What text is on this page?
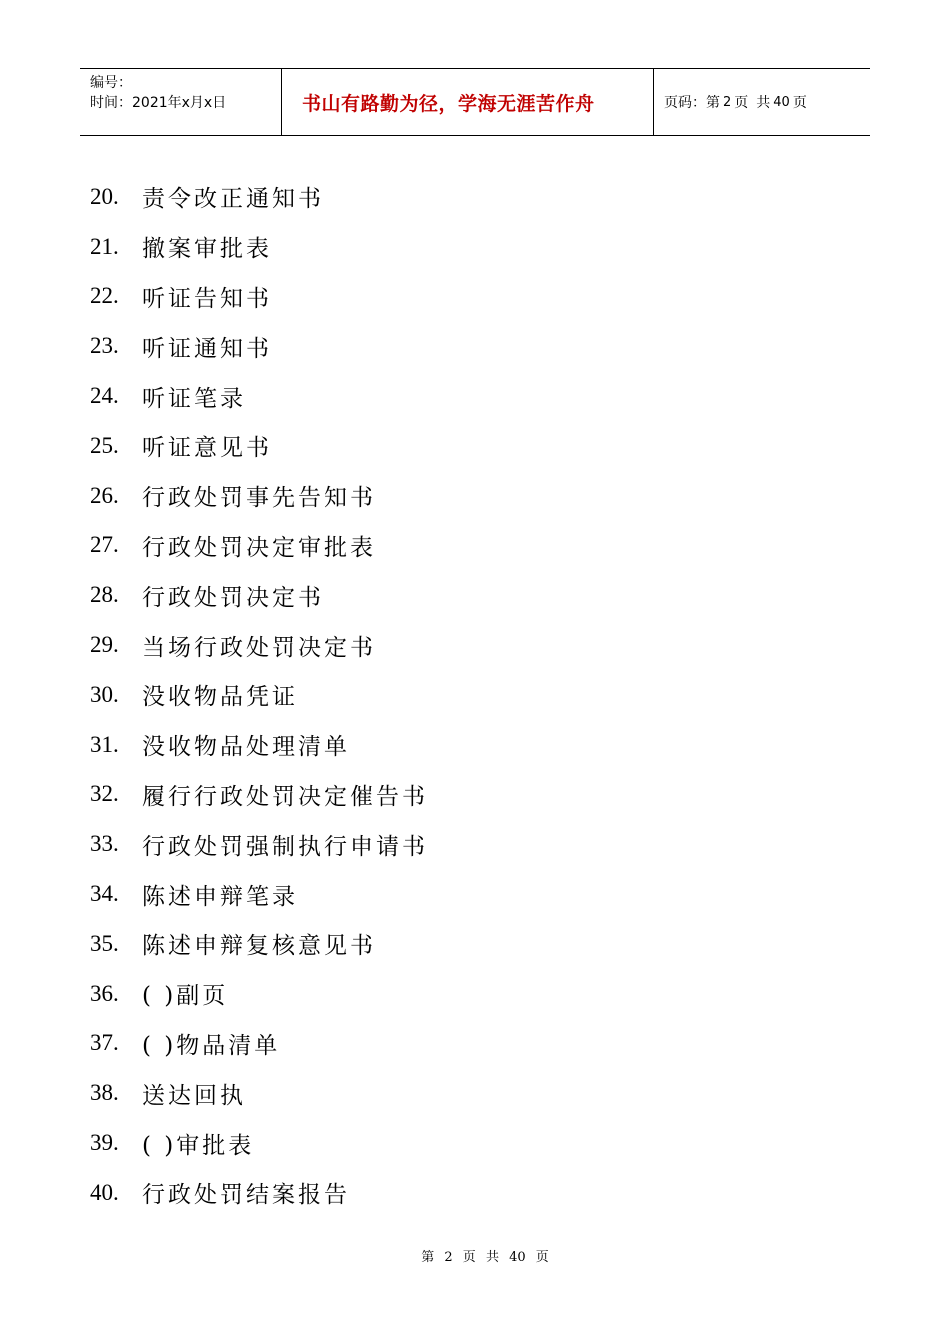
编号：
时间：2021年x月x日	书山有路勤为径，学海无涯苦作舟	页码：第 2 页 共 40 页
20.	责令改正通知书
21.	撤案审批表
22.	听证告知书
23.	听证通知书
24.	听证笔录
25.	听证意见书
26.	行政处罚事先告知书
27.	行政处罚决定审批表
28.	行政处罚决定书
29.	当场行政处罚决定书
30.	没收物品凭证
31.	没收物品处理清单
32.	履行行政处罚决定催告书
33.	行政处罚强制执行申请书
34.	陈述申辩笔录
35.	陈述申辩复核意见书
36.	( )副页
37.	( )物品清单
38.	送达回执
39.	( )审批表
40.	行政处罚结案报告
第 2 页 共 40 页
